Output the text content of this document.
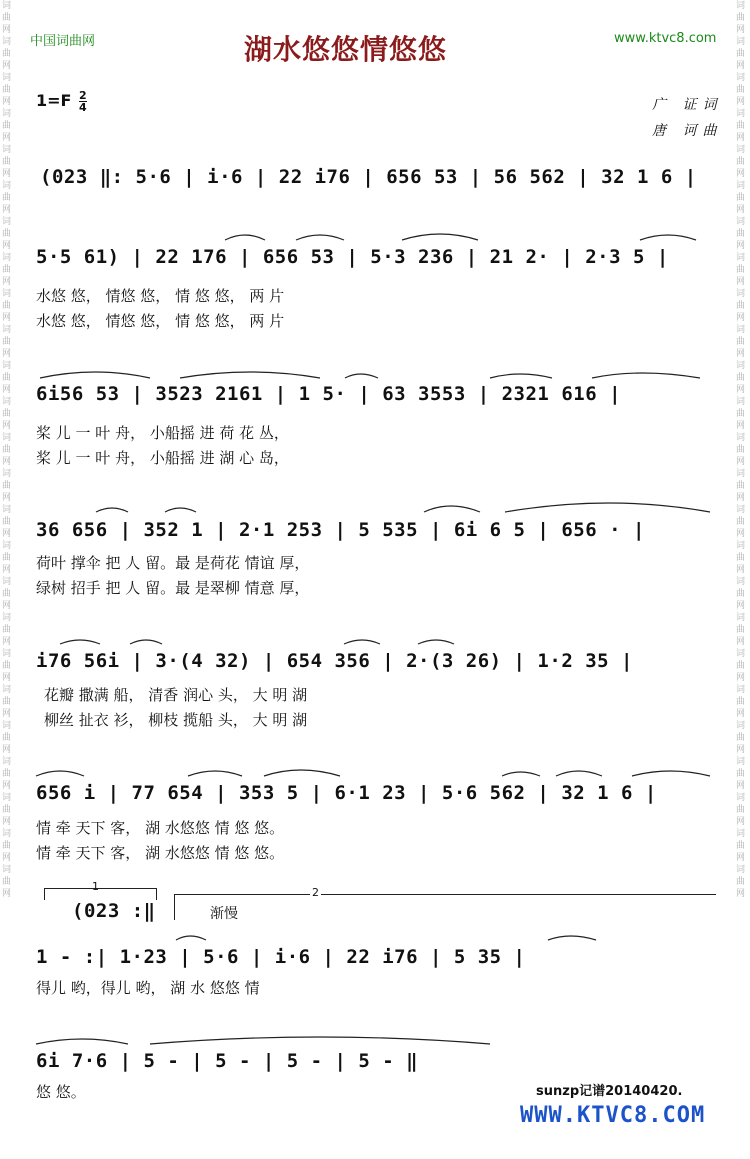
词曲网词曲网词曲网词曲网词曲网词曲网词曲网词曲网词曲网词曲网词曲网词曲网词曲网词曲网词曲网词曲网词曲网词曲网词曲网词曲网词曲网词曲网词曲网词曲网词曲网
词曲网词曲网词曲网词曲网词曲网词曲网词曲网词曲网词曲网词曲网词曲网词曲网词曲网词曲网词曲网词曲网词曲网词曲网词曲网词曲网词曲网词曲网词曲网词曲网词曲网
中国词曲网	www.ktvc8.com
湖水悠悠情悠悠
$1=F \frac{2}{4}$	广 证词
唐 诃曲
(023 ‖: 5·6 | i·6 | 22 i76 | 656 53 | 56 562 | 32 1 6 |
5·5 61) | 22 176 | 656 53 | 5·3 236 | 21 2· | 2·3 5 |
水悠 悠， 情悠 悠， 情 悠 悠， 两 片
水悠 悠， 情悠 悠， 情 悠 悠， 两 片
6i56 53 | 3523 2161 | 1 5· | 63 3553 | 2321 616 |
桨 儿 一 叶 舟， 小船摇 进 荷 花 丛，
桨 儿 一 叶 舟， 小船摇 进 湖 心 岛，
36 656 | 352 1 | 2·1 253 | 5 535 | 6i 6 5 | 656 · |
荷叶 撑伞 把 人 留。最 是荷花 情谊 厚，
绿树 招手 把 人 留。最 是翠柳 情意 厚，
i76 56i | 3·(4 32) | 654 356 | 2·(3 26) | 1·2 35 |
花瓣 撒满 船， 清香 润心 头， 大 明 湖
柳丝 扯衣 衫， 柳枝 揽船 头， 大 明 湖
656 i | 77 654 | 353 5 | 6·1 23 | 5·6 562 | 32 1 6 |
情 牵 天下 客， 湖 水悠悠 情 悠 悠。
情 牵 天下 客， 湖 水悠悠 情 悠 悠。
1
(023 :‖
2
渐慢
1 - :| 1·23 | 5·6 | i·6 | 22 i76 | 5 35 |
得儿 哟，得儿 哟， 湖 水 悠悠 情
6i 7·6 | 5 - | 5 - | 5 - | 5 - ‖
悠 悠。	sunzp记谱20140420.
WWW.KTVC8.COM
